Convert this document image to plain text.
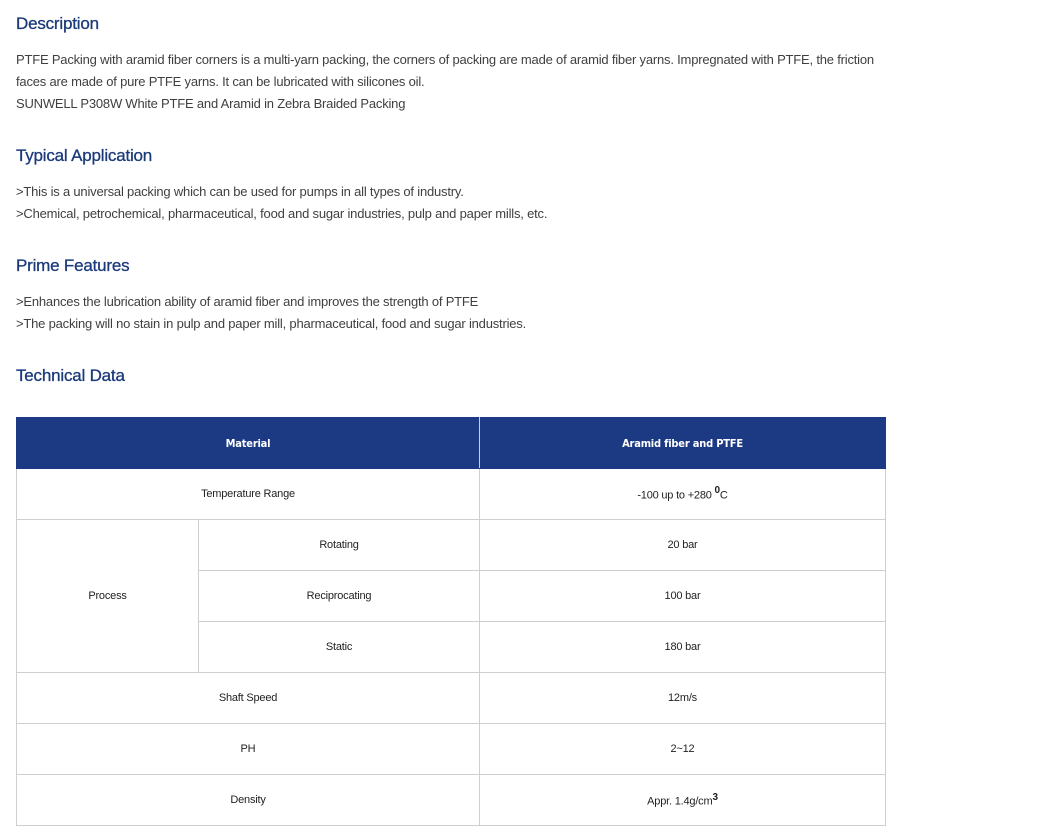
Description

PTFE Packing with aramid fiber corners is a multi-yarn packing, the corners of packing are made of aramid fiber yarns. Impregnated with PTFE, the friction

faces are made of pure PTFE yarns. It can be lubricated with silicones oil.

SUNWELL P308W White PTFE and Aramid in Zebra Braided Packing

Typical Application

>This is a universal packing which can be used for pumps in all types of industry.

>Chemical, petrochemical, pharmaceutical, food and sugar industries, pulp and paper mills, etc.

Prime Features

>Enhances the lubrication ability of aramid fiber and improves the strength of PTFE

>The packing will no stain in pulp and paper mill, pharmaceutical, food and sugar industries.

Technical Data
Material		Aramid fiber and PTFE
Temperature Range		-100 up to +280 $^0$C
Process	Rotating	20 bar
	Reciprocating	100 bar
	Static	180 bar
Shaft Speed		12m/s
PH		2~12
Density		Appr. $1.4g/cm^3$
